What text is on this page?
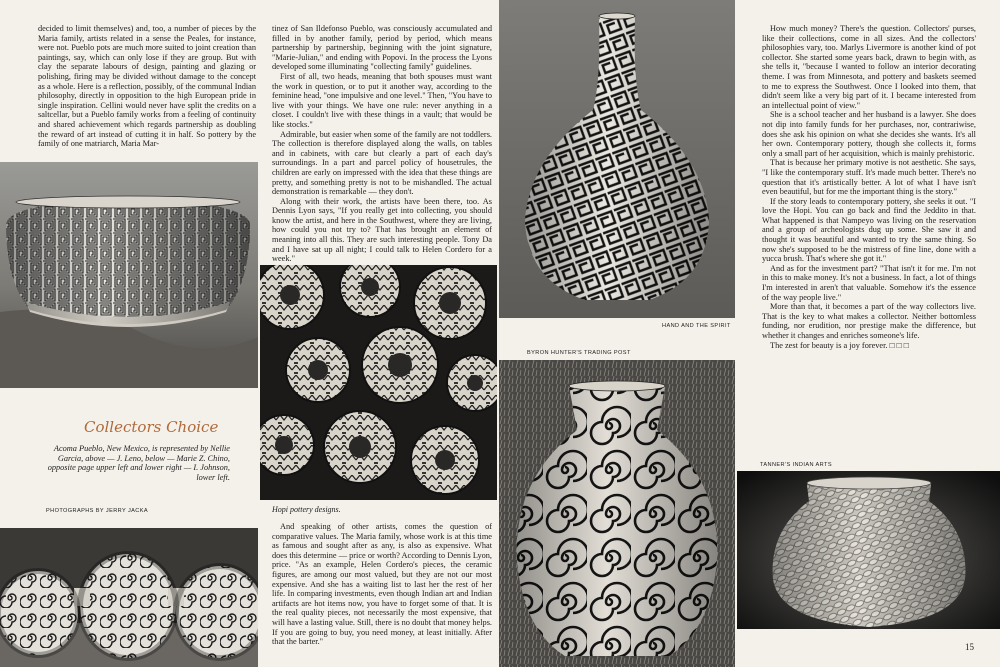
decided to limit themselves) and, too, a number of pieces by the Maria family, artists related in a sense the Peales, for instance, were not. Pueblo pots are much more suited to joint creation than paintings, say, which can only lose if they are group. But with clay the separate labours of design, painting and glazing or polishing, firing may be divided without damage to the concept as a whole. Here is a reflection, possibly, of the communal Indian philosophy, directly in opposition to the high European pride in single inspiration. Cellini would never have split the credits on a saltcellar, but a Pueblo family works from a feeling of continuity and shared achievement which regards partnership as doubling the reward of art instead of cutting it in half. So pottery by the family of one matriarch, Maria Mar-

Collectors Choice
Acoma Pueblo, New Mexico, is represented by Nellie Garcia, above — J. Leno, below — Marie Z. Chino, opposite page upper left and lower right — I. Johnson, lower left.
PHOTOGRAPHS BY JERRY JACKA

tinez of San Ildefonso Pueblo, was consciously accumulated and filled in by another family, period by period, which means partnership by partnership, beginning with the joint signature, "Marie-Julian," and ending with Popovi. In the process the Lyons developed some illuminating "collecting family" guidelines.

First of all, two heads, meaning that both spouses must want the work in question, or to put it another way, according to the feminine head, "one impulsive and one level." Then, "You have to live with your things. We have one rule: never anything in a closet. I couldn't live with these things in a vault; that would be like stocks."

Admirable, but easier when some of the family are not toddlers. The collection is therefore displayed along the walls, on tables and in cabinets, with care but clearly a part of each day's surroundings. In a part and parcel policy of housetrules, the children are early on impressed with the idea that these things are pretty, and something pretty is not to be mishandled. The actual demonstration is remarkable — they don't.

Along with their work, the artists have been there, too. As Dennis Lyon says, "If you really get into collecting, you should know the artist, and here in the Southwest, where they are living, how could you not try to? That has brought an element of meaning into all this. They are such interesting people. Tony Da and I have sat up all night; I could talk to Helen Cordero for a week."

Hopi pottery designs.

And speaking of other artists, comes the question of comparative values. The Maria family, whose work is at this time as famous and sought after as any, is also as expensive. What does this determine — price or worth? According to Dennis Lyon, price. "As an example, Helen Cordero's pieces, the ceramic figures, are among our most valued, but they are not our most expensive. And she has a waiting list to last her the rest of her life. In comparing investments, even though Indian art and Indian artifacts are hot items now, you have to forget some of that. It is the real quality pieces, not necessarily the most expensive, that will have a lasting value. Still, there is no doubt that money helps. If you are going to buy, you need money, at least initially. After that the barter."

HAND AND THE SPIRIT
BYRON HUNTER'S TRADING POST

How much money? There's the question. Collectors' purses, like their collections, come in all sizes. And the collectors' philosophies vary, too. Marlys Livermore is another kind of pot collector. She started some years back, drawn to begin with, as she tells it, "because I wanted to follow an interior decorating theme. I was from Minnesota, and pottery and baskets seemed to me to express the Southwest. Once I looked into them, that didn't seem like a very big part of it. I became interested from an intellectual point of view."

She is a school teacher and her husband is a lawyer. She does not dip into family funds for her purchases, nor, contrariwise, does she ask his opinion on what she decides she wants. It's all her own. Contemporary pottery, though she collects it, forms only a small part of her acquisition, which is mainly prehistoric.

That is because her primary motive is not aesthetic. She says, "I like the contemporary stuff. It's made much better. There's no question that it's artistically better. A lot of what I have isn't even beautiful, but for me the important thing is the story."

If the story leads to contemporary pottery, she seeks it out. "I love the Hopi. You can go back and find the Jeddito in that. What happened is that Nampeyo was living on the reservation and a group of archeologists dug up some. She saw it and thought it was beautiful and wanted to try the same thing. So now she's supposed to be the mistress of fine line, done with a yucca brush. That's where she got it."

And as for the investment part? "That isn't it for me. I'm not in this to make money. It's not a business. In fact, a lot of things I'm interested in aren't that valuable. Somehow it's the essence of the way people live."

More than that, it becomes a part of the way collectors live. That is the key to what makes a collector. Neither bottomless funding, nor erudition, nor prestige make the difference, but whether it changes and enriches someone's life.

The zest for beauty is a joy forever. □ □ □

TANNER'S INDIAN ARTS
15
